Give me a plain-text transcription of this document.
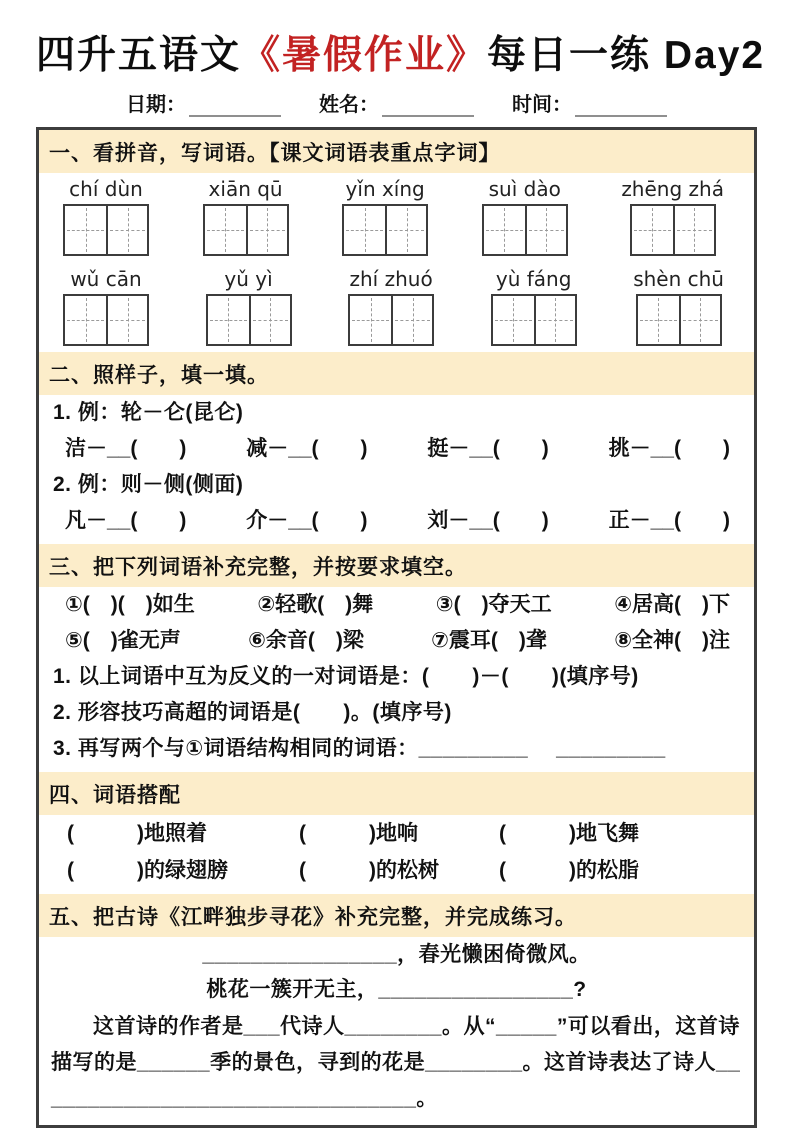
四升五语文《暑假作业》每日一练 Day2
日期：	姓名：	时间：
一、看拼音，写词语。【课文词语表重点字词】
chí dùn	xiān qū	yǐn xíng	suì dào	zhēng zhá
wǔ cān	yǔ yì	zhí zhuó	yù fáng	shèn chū
二、照样子，填一填。
1. 例：轮－仑(昆仑)
洁－__(　　)	减－__(　　)	挺－__(　　)	挑－__(　　)
2. 例：则－侧(侧面)
凡－__(　　)	介－__(　　)	刘－__(　　)	正－__(　　)
三、把下列词语补充完整，并按要求填空。
①(　)(　)如生	②轻歌(　)舞	③(　)夺天工	④居高(　)下
⑤(　)雀无声	⑥余音(　)梁	⑦震耳(　)聋	⑧全神(　)注
1. 以上词语中互为反义的一对词语是：(　　)－(　　)(填序号)
2. 形容技巧高超的词语是(　　)。(填序号)
3. 再写两个与①词语结构相同的词语：_________　 _________
四、词语搭配
(　　　)地照着	(　　　)地响	(　　　)地飞舞
(　　　)的绿翅膀	(　　　)的松树	(　　　)的松脂
五、把古诗《江畔独步寻花》补充完整，并完成练习。
________________，春光懒困倚微风。
桃花一簇开无主，________________?
这首诗的作者是___代诗人________。从“_____”可以看出，这首诗描写的是______季的景色，寻到的花是________。这首诗表达了诗人________________________________。
